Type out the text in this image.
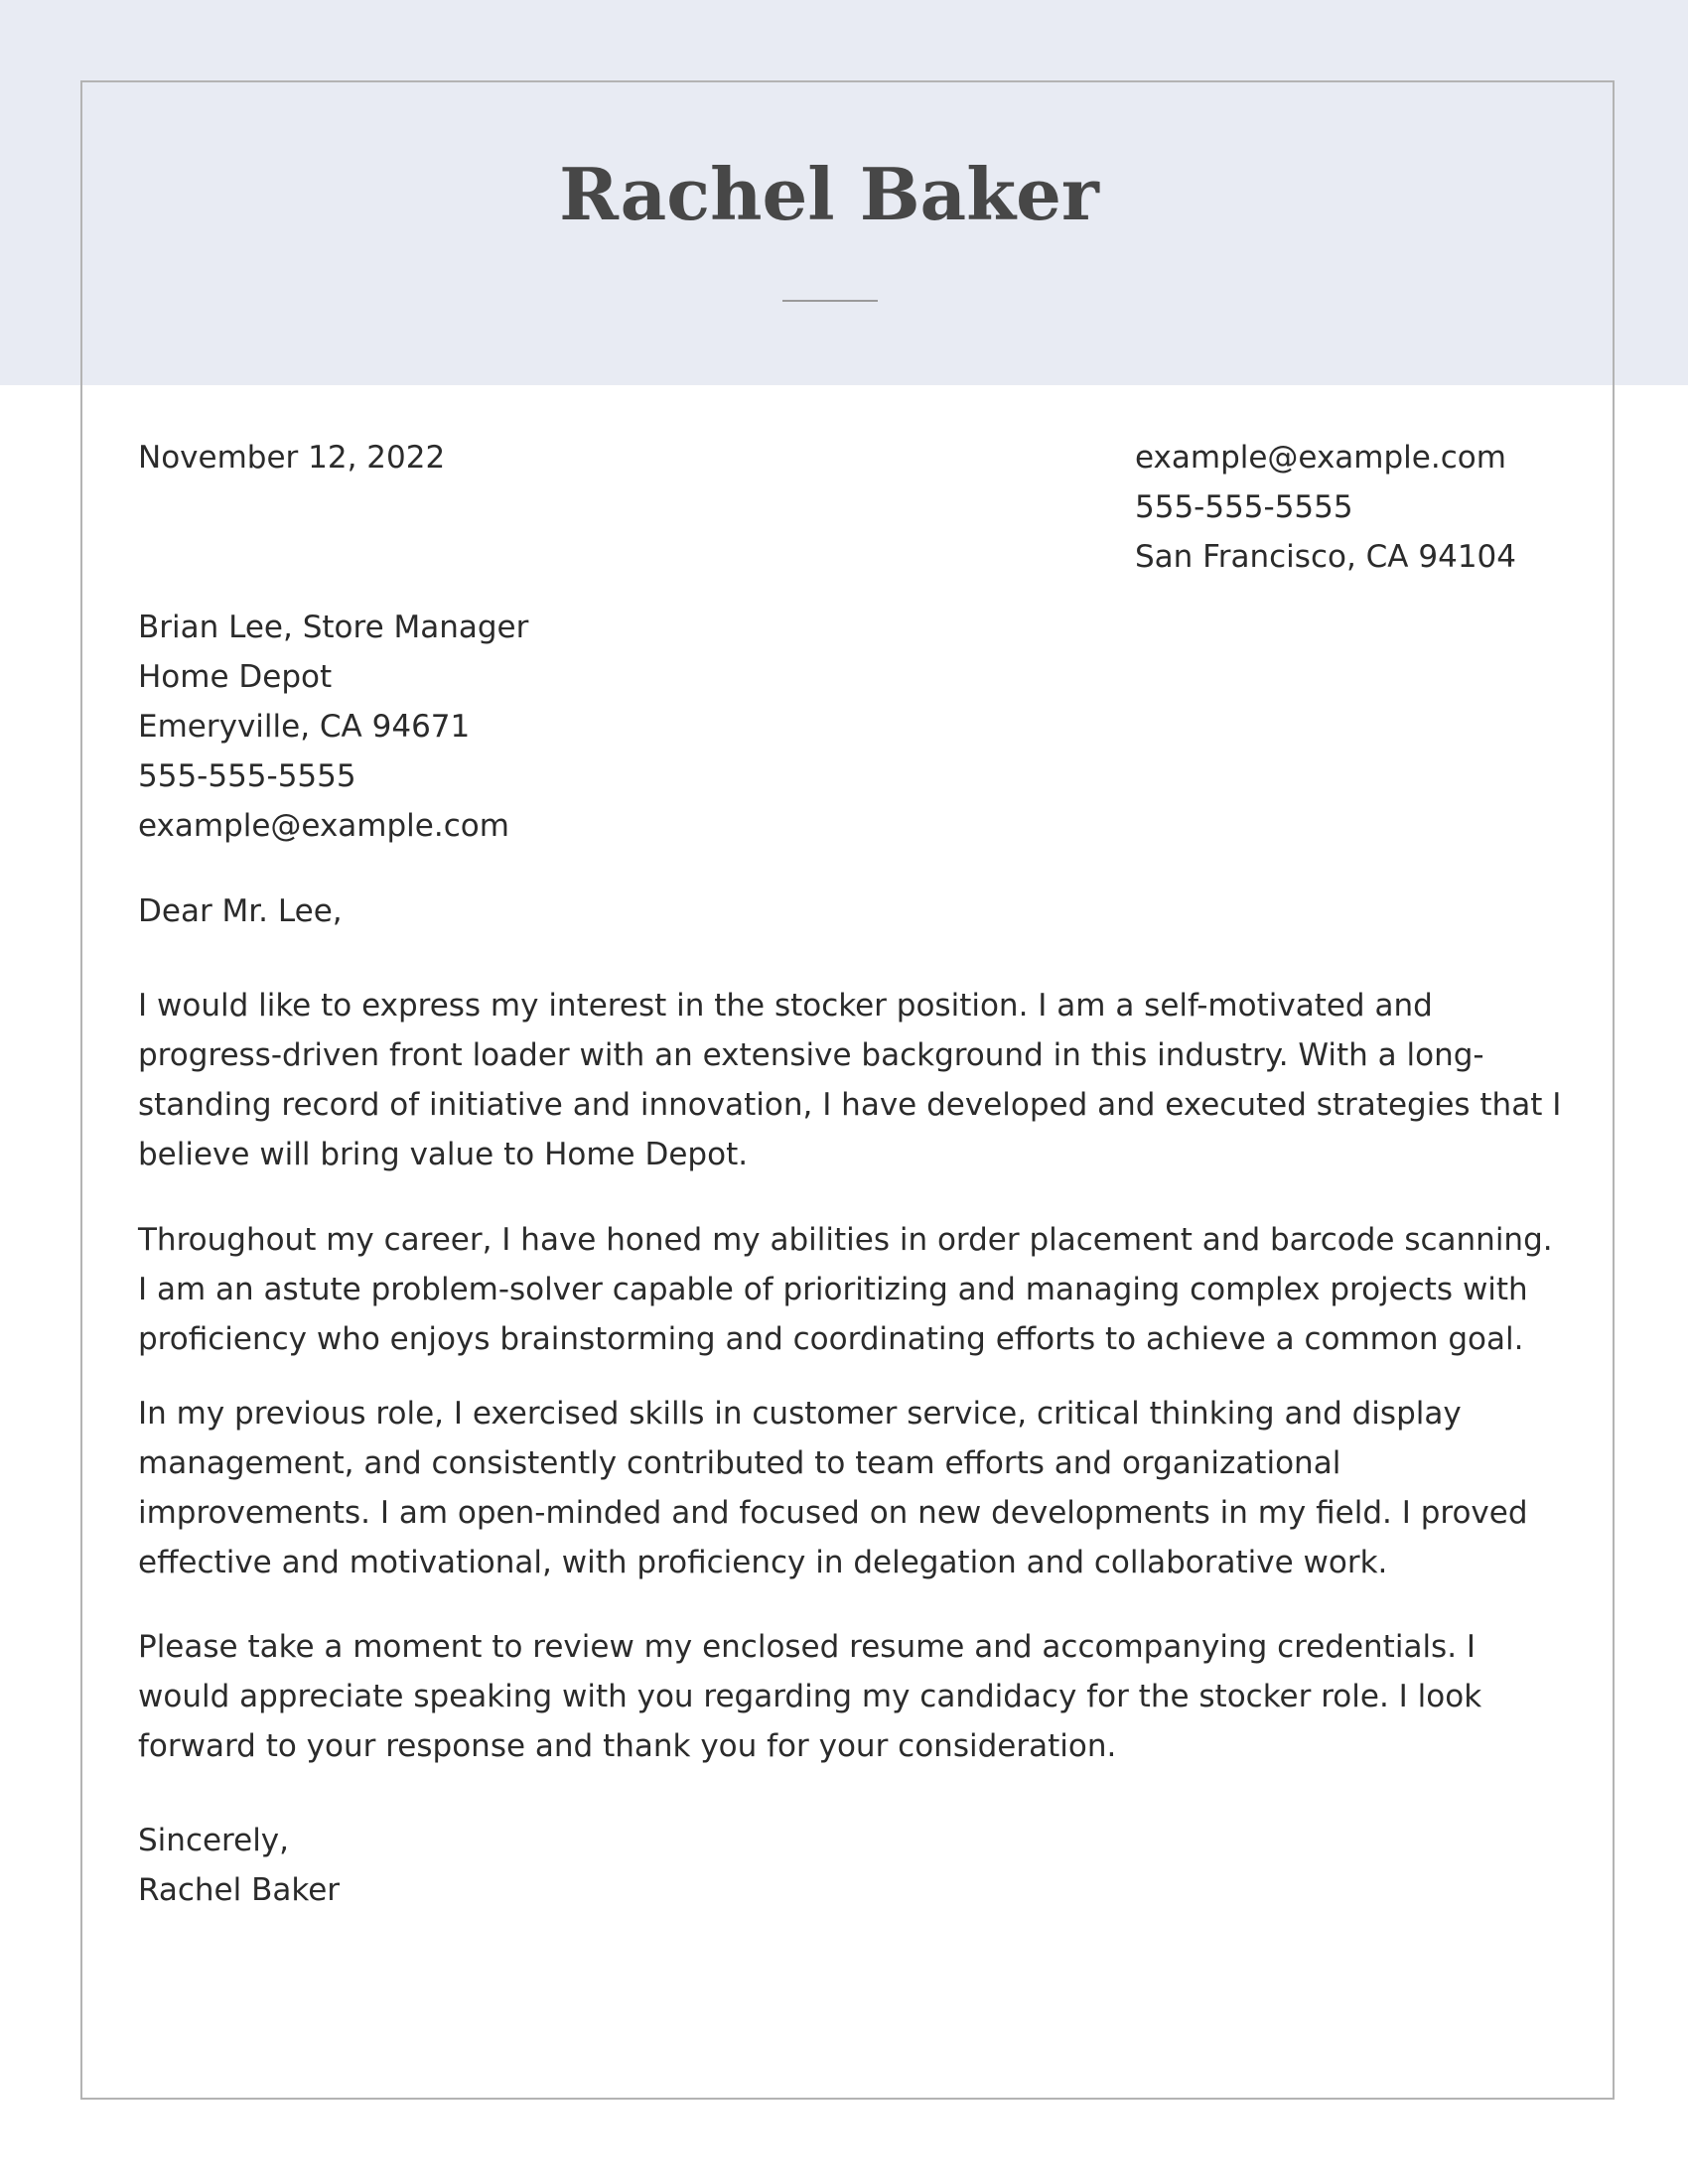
Rachel Baker
November 12, 2022	example@example.com
555-555-5555
San Francisco, CA 94104
Brian Lee, Store Manager
Home Depot
Emeryville, CA 94671
555-555-5555
example@example.com
Dear Mr. Lee,

I would like to express my interest in the stocker position. I am a self-motivated and progress-driven front loader with an extensive background in this industry. With a long-standing record of initiative and innovation, I have developed and executed strategies that I believe will bring value to Home Depot.

Throughout my career, I have honed my abilities in order placement and barcode scanning. I am an astute problem-solver capable of prioritizing and managing complex projects with proficiency who enjoys brainstorming and coordinating efforts to achieve a common goal.

In my previous role, I exercised skills in customer service, critical thinking and display management, and consistently contributed to team efforts and organizational improvements. I am open-minded and focused on new developments in my field. I proved effective and motivational, with proficiency in delegation and collaborative work.

Please take a moment to review my enclosed resume and accompanying credentials. I would appreciate speaking with you regarding my candidacy for the stocker role. I look forward to your response and thank you for your consideration.

Sincerely,
Rachel Baker
